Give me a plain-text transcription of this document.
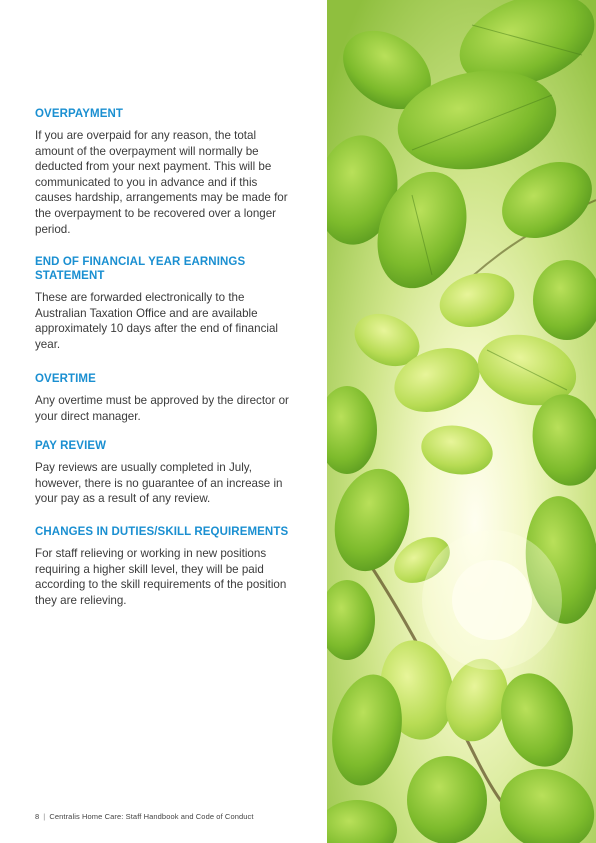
OVERPAYMENT

If you are overpaid for any reason, the total amount of the overpayment will normally be deducted from your next payment. This will be communicated to you in advance and if this causes hardship, arrangements may be made for the overpayment to be recovered over a longer period.

END OF FINANCIAL YEAR EARNINGS STATEMENT

These are forwarded electronically to the Australian Taxation Office and are available approximately 10 days after the end of financial year.

OVERTIME

Any overtime must be approved by the director or your direct manager.

PAY REVIEW

Pay reviews are usually completed in July, however, there is no guarantee of an increase in your pay as a result of any review.

CHANGES IN DUTIES/SKILL REQUIREMENTS

For staff relieving or working in new positions requiring a higher skill level, they will be paid according to the skill requirements of the position they are relieving.

8 | Centralis Home Care: Staff Handbook and Code of Conduct
